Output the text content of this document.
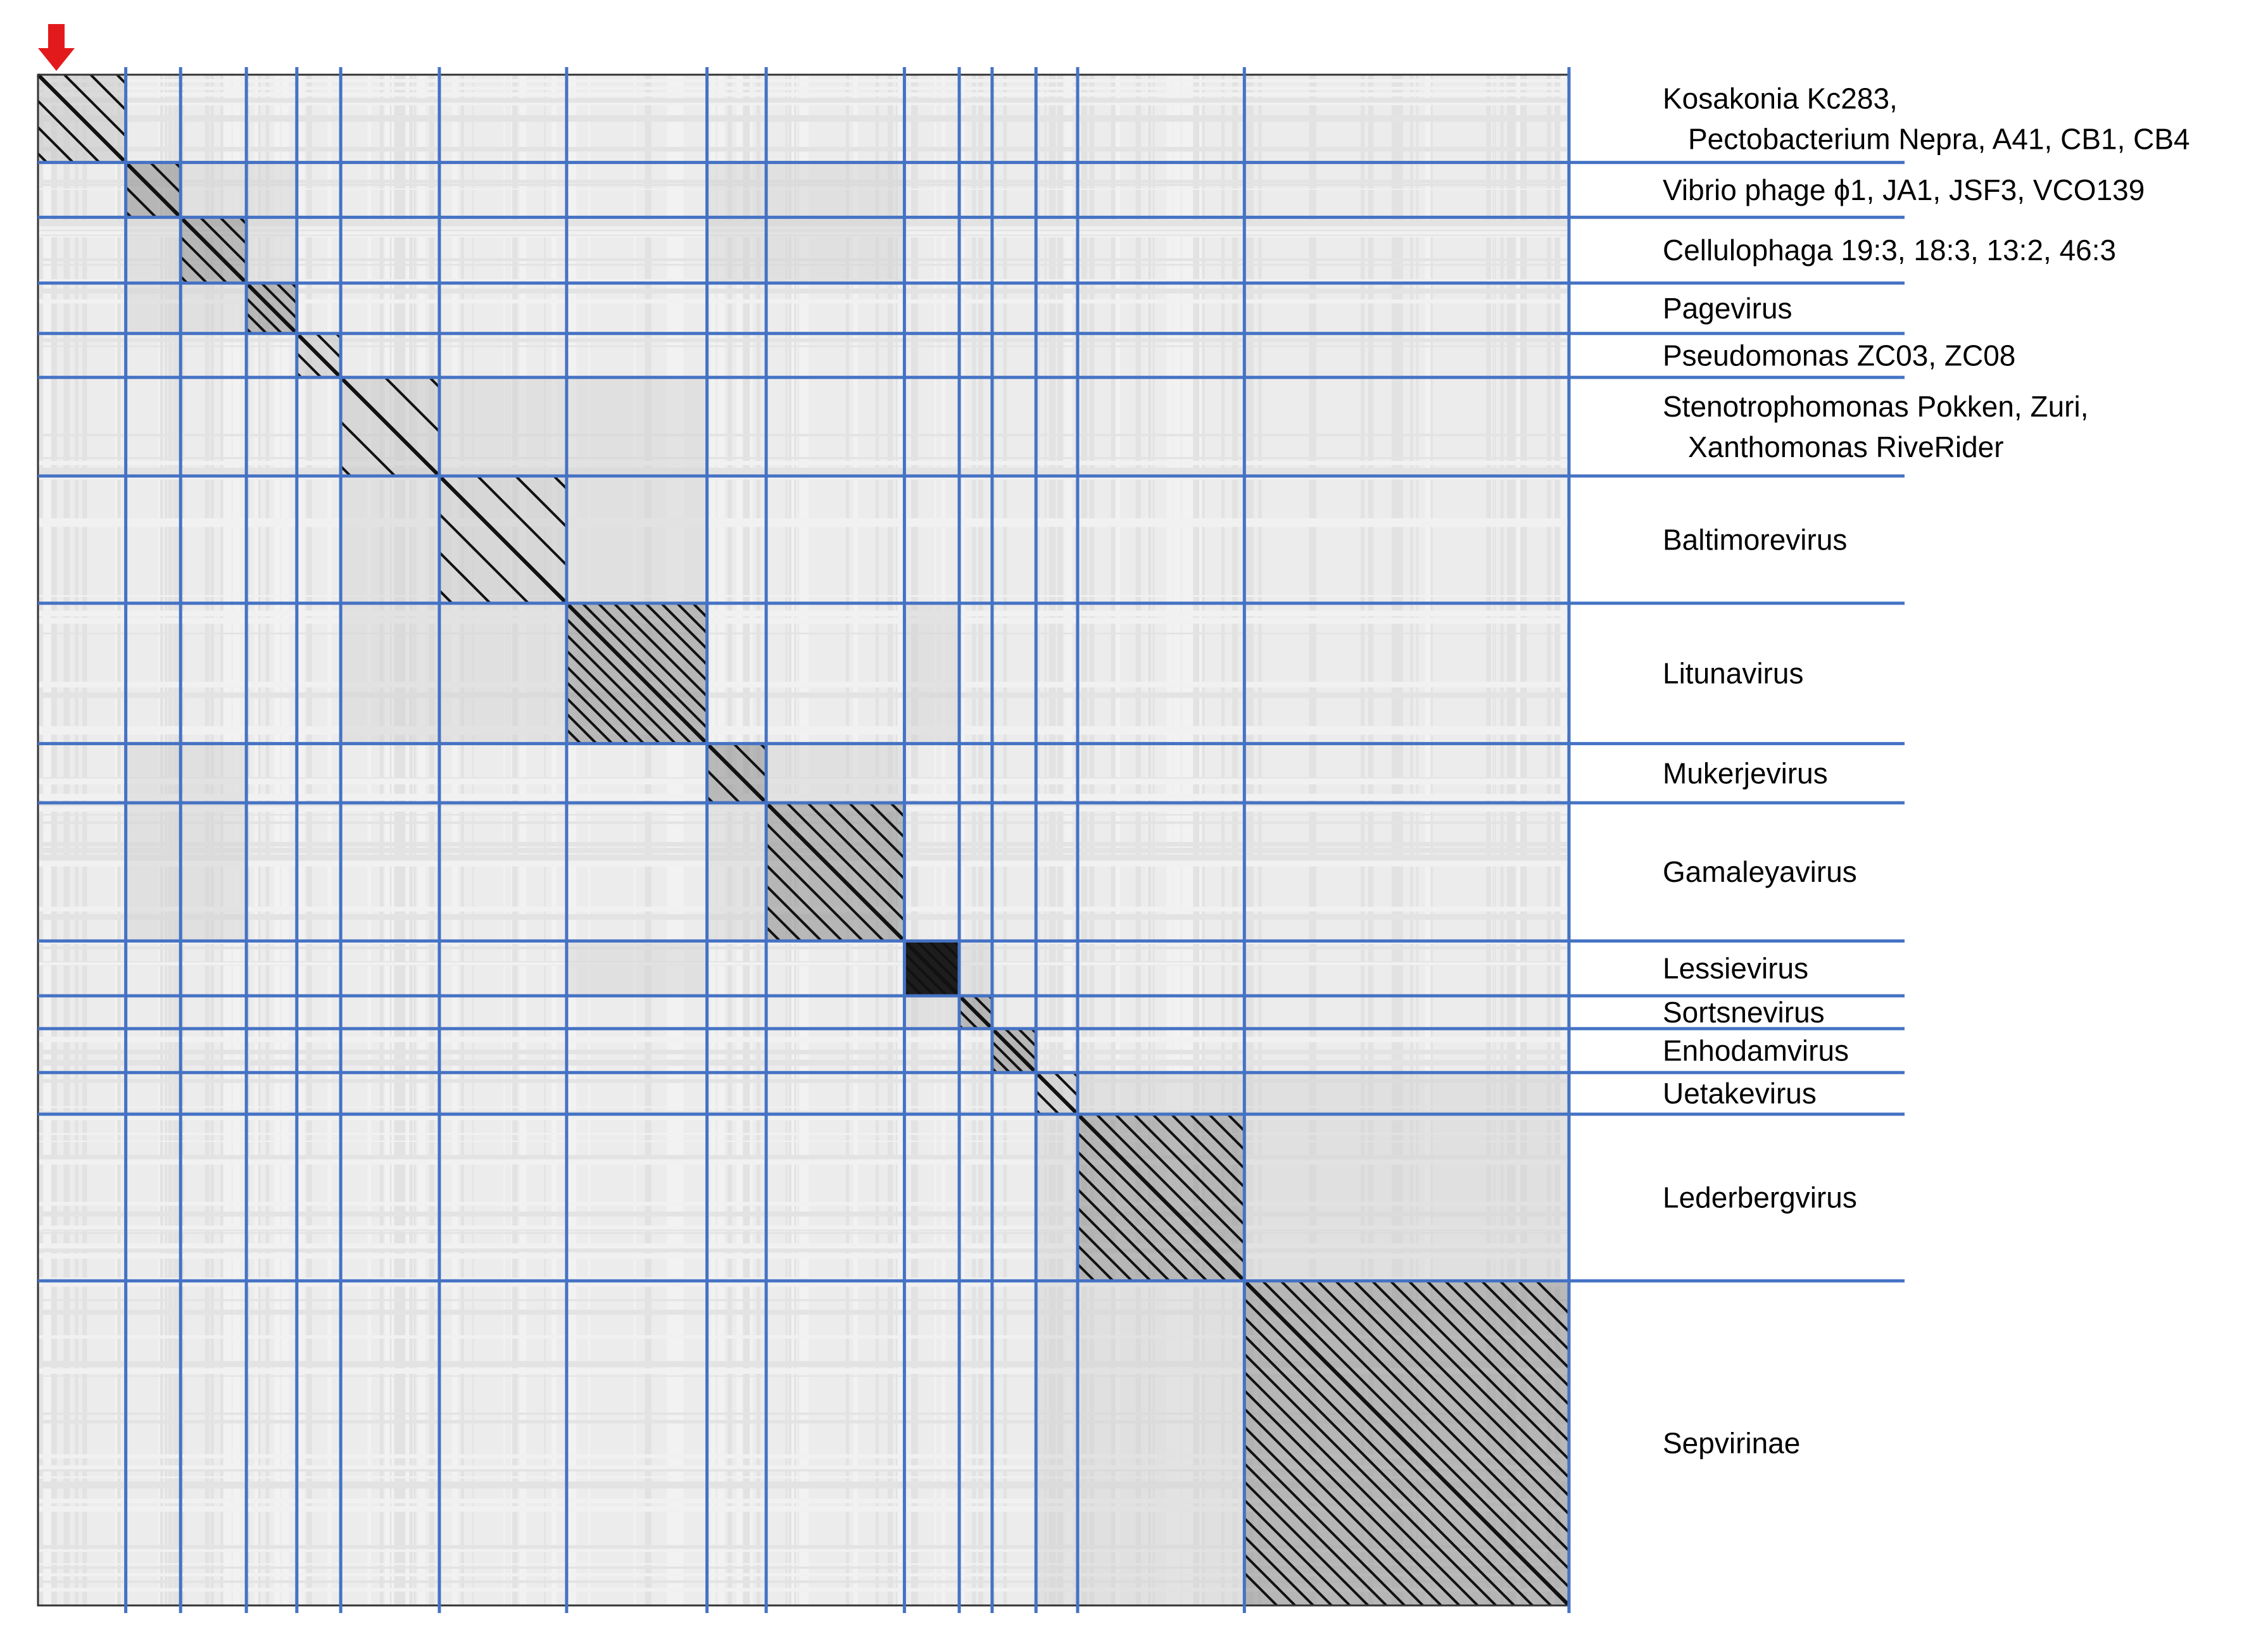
Kosakonia Kc283,
Pectobacterium Nepra, A41, CB1, CB4
Vibrio phage ϕ1, JA1, JSF3, VCO139
Cellulophaga 19:3, 18:3, 13:2, 46:3
Pagevirus
Pseudomonas ZC03, ZC08
Stenotrophomonas Pokken, Zuri,
Xanthomonas RiveRider
Baltimorevirus
Litunavirus
Mukerjevirus
Gamaleyavirus
Lessievirus
Sortsnevirus
Enhodamvirus
Uetakevirus
Lederbergvirus
Sepvirinae
